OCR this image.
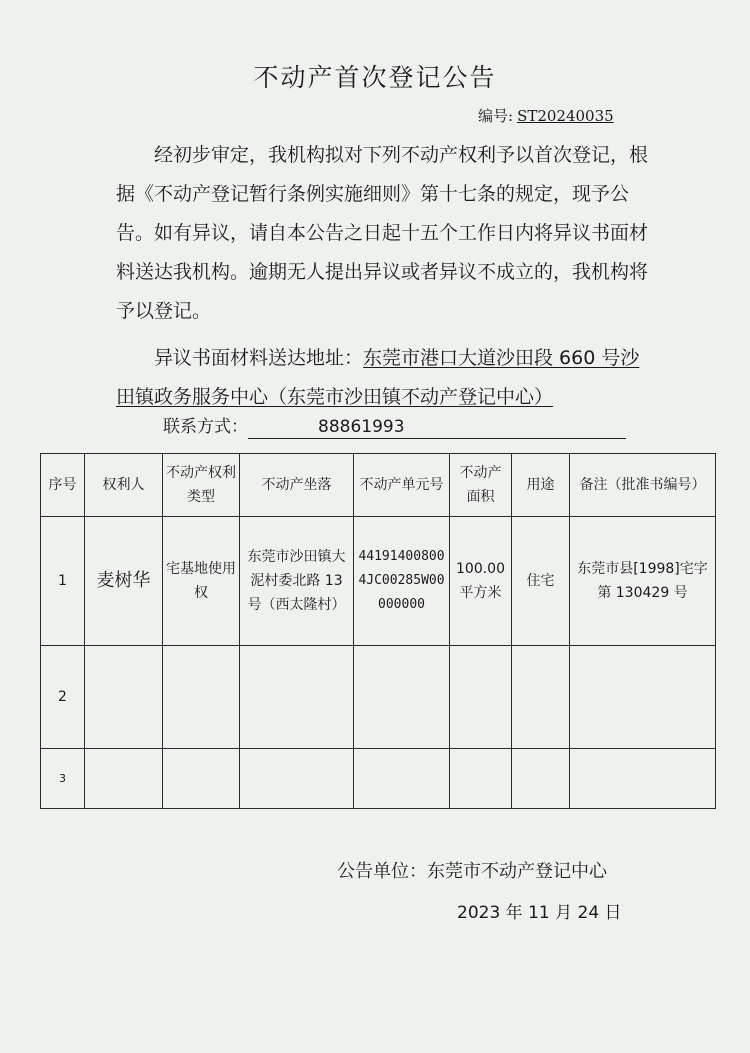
不动产首次登记公告
编号: ST20240035
经初步审定，我机构拟对下列不动产权利予以首次登记，根据《不动产登记暂行条例实施细则》第十七条的规定，现予公告。如有异议，请自本公告之日起十五个工作日内将异议书面材料送达我机构。逾期无人提出异议或者异议不成立的，我机构将予以登记。
异议书面材料送达地址：东莞市港口大道沙田段 660 号沙田镇政务服务中心（东莞市沙田镇不动产登记中心）
联系方式：	88861993
序号	权利人	不动产权利类型	不动产坐落	不动产单元号	不动产面积	用途	备注（批准书编号）
1	麦树华	宅基地使用权	东莞市沙田镇大泥村委北路 13 号（西太隆村）	441914008004JC00285W00000000	100.00 平方米	住宅	东莞市县[1998]宅字第 130429 号
2							
3							
公告单位：东莞市不动产登记中心
2023 年 11 月 24 日
